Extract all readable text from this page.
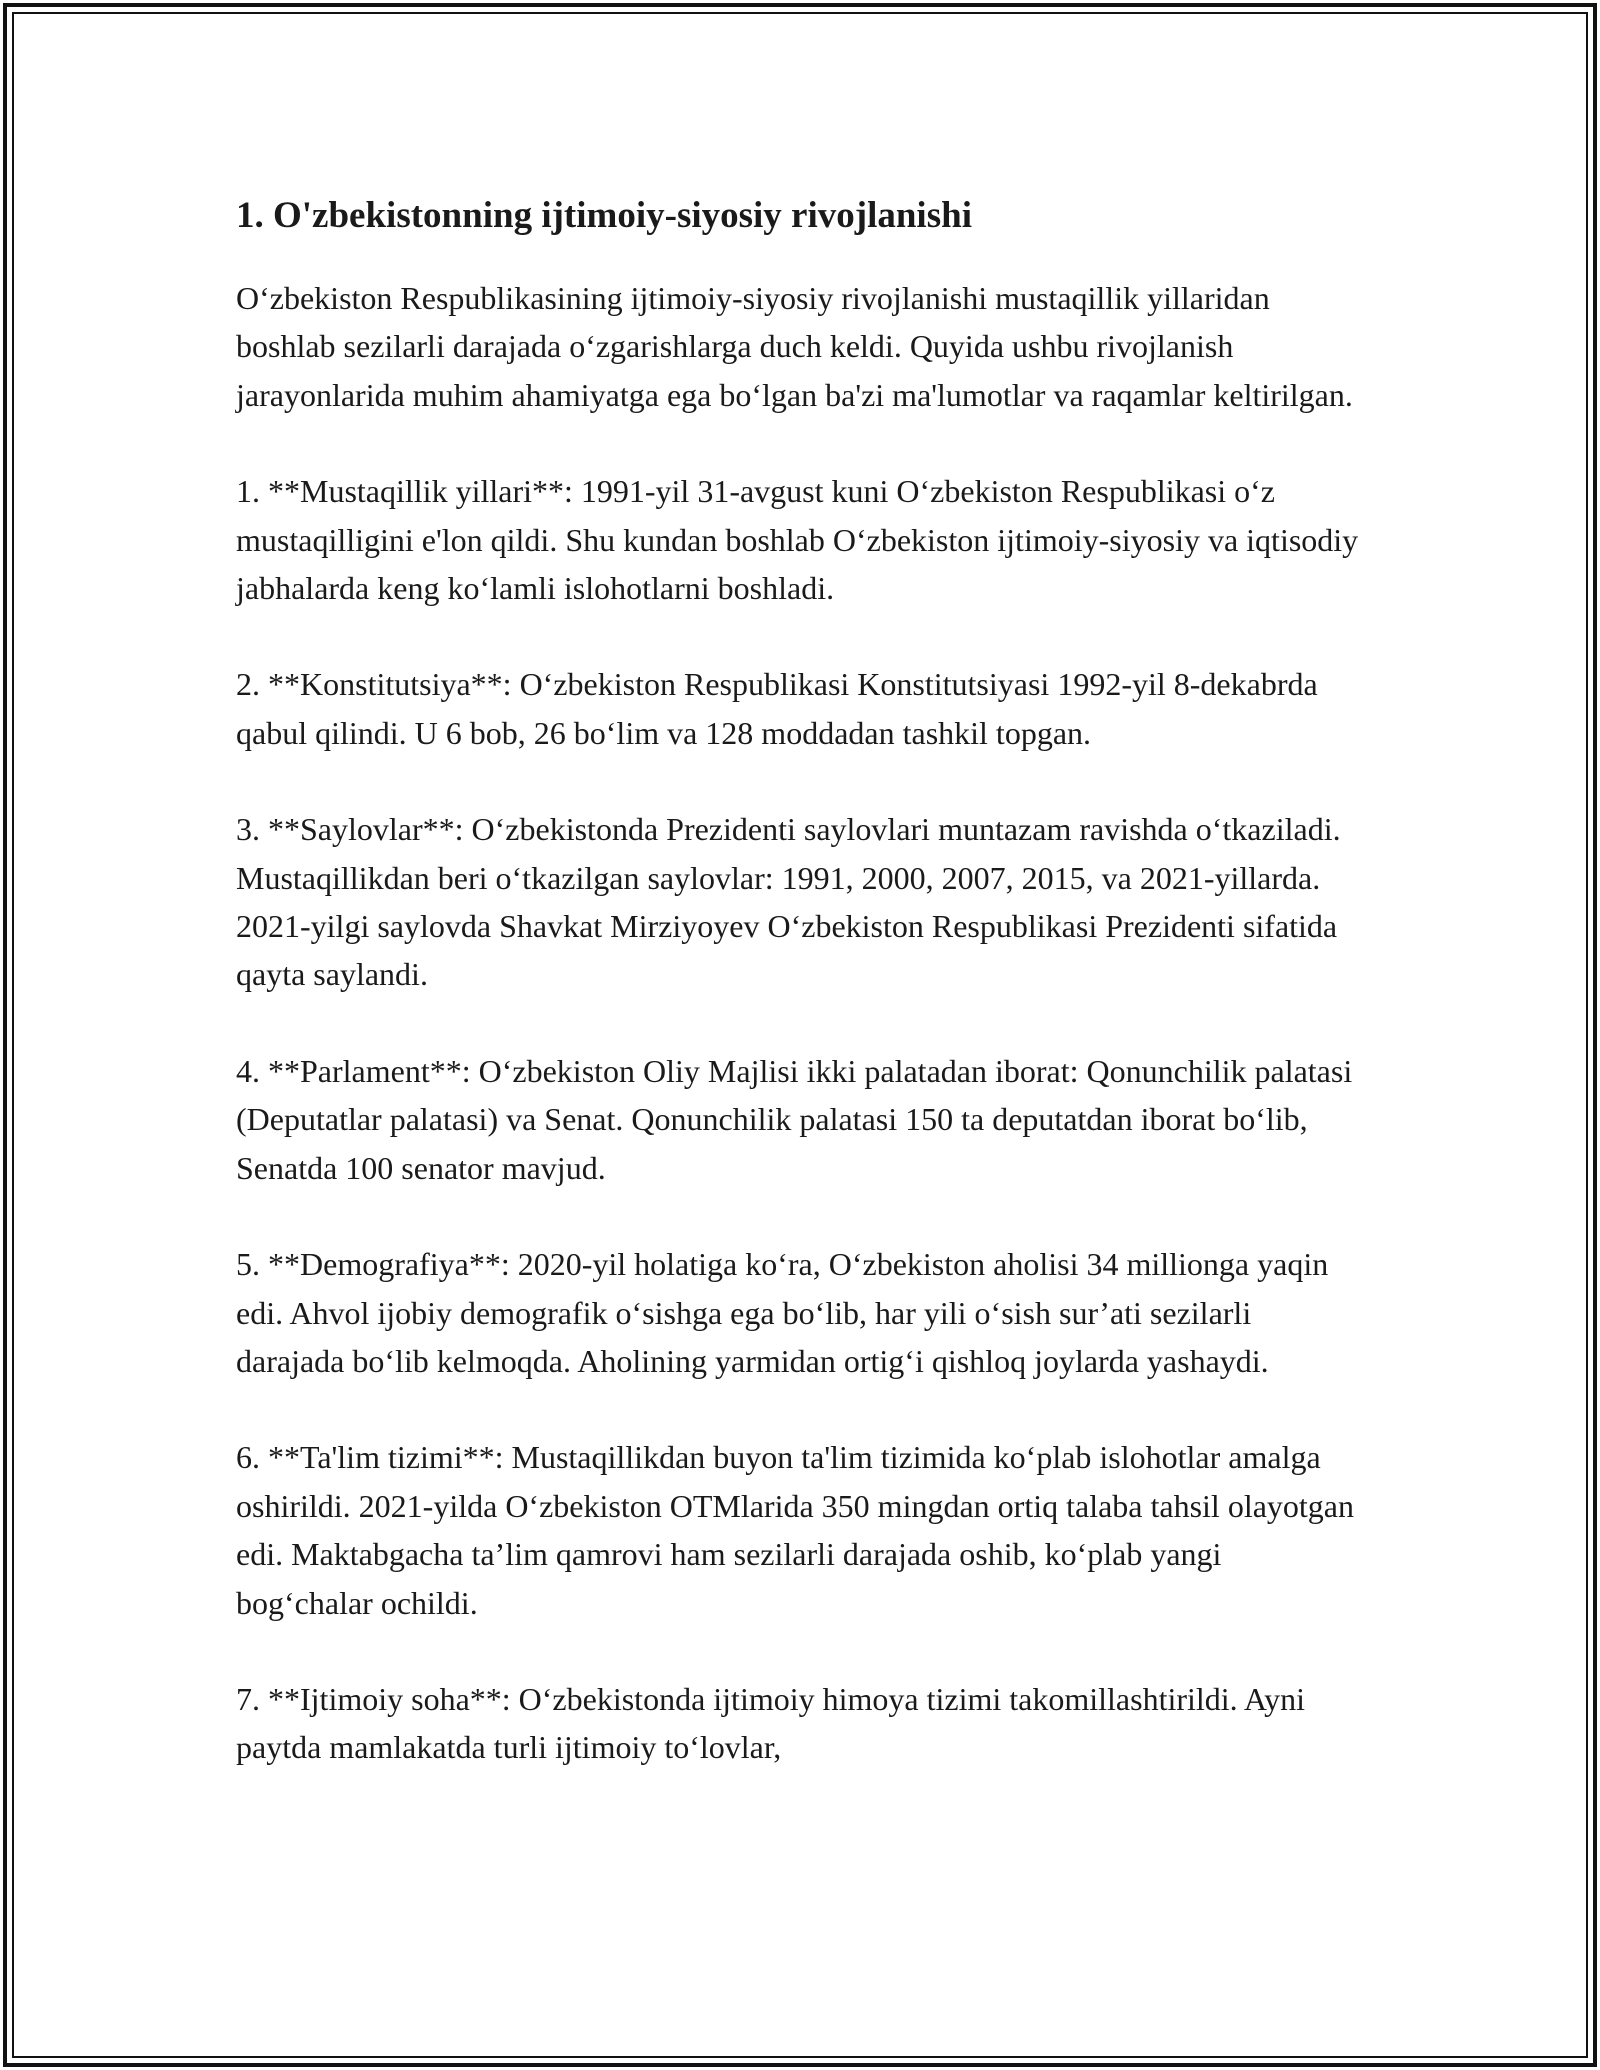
1. O'zbekistonning ijtimoiy-siyosiy rivojlanishi

O‘zbekiston Respublikasining ijtimoiy-siyosiy rivojlanishi mustaqillik yillaridan boshlab sezilarli darajada o‘zgarishlarga duch keldi. Quyida ushbu rivojlanish jarayonlarida muhim ahamiyatga ega bo‘lgan ba'zi ma'lumotlar va raqamlar keltirilgan.

1. **Mustaqillik yillari**: 1991-yil 31-avgust kuni O‘zbekiston Respublikasi o‘z mustaqilligini e'lon qildi. Shu kundan boshlab O‘zbekiston ijtimoiy-siyosiy va iqtisodiy jabhalarda keng ko‘lamli islohotlarni boshladi.

2. **Konstitutsiya**: O‘zbekiston Respublikasi Konstitutsiyasi 1992-yil 8-dekabrda qabul qilindi. U 6 bob, 26 bo‘lim va 128 moddadan tashkil topgan.

3. **Saylovlar**: O‘zbekistonda Prezidenti saylovlari muntazam ravishda o‘tkaziladi. Mustaqillikdan beri o‘tkazilgan saylovlar: 1991, 2000, 2007, 2015, va 2021-yillarda. 2021-yilgi saylovda Shavkat Mirziyoyev O‘zbekiston Respublikasi Prezidenti sifatida qayta saylandi.

4. **Parlament**: O‘zbekiston Oliy Majlisi ikki palatadan iborat: Qonunchilik palatasi (Deputatlar palatasi) va Senat. Qonunchilik palatasi 150 ta deputatdan iborat bo‘lib, Senatda 100 senator mavjud.

5. **Demografiya**: 2020-yil holatiga ko‘ra, O‘zbekiston aholisi 34 millionga yaqin edi. Ahvol ijobiy demografik o‘sishga ega bo‘lib, har yili o‘sish sur’ati sezilarli darajada bo‘lib kelmoqda. Aholining yarmidan ortig‘i qishloq joylarda yashaydi.

6. **Ta'lim tizimi**: Mustaqillikdan buyon ta'lim tizimida ko‘plab islohotlar amalga oshirildi. 2021-yilda O‘zbekiston OTMlarida 350 mingdan ortiq talaba tahsil olayotgan edi. Maktabgacha ta’lim qamrovi ham sezilarli darajada oshib, ko‘plab yangi bog‘chalar ochildi.

7. **Ijtimoiy soha**: O‘zbekistonda ijtimoiy himoya tizimi takomillashtirildi. Ayni paytda mamlakatda turli ijtimoiy to‘lovlar,
